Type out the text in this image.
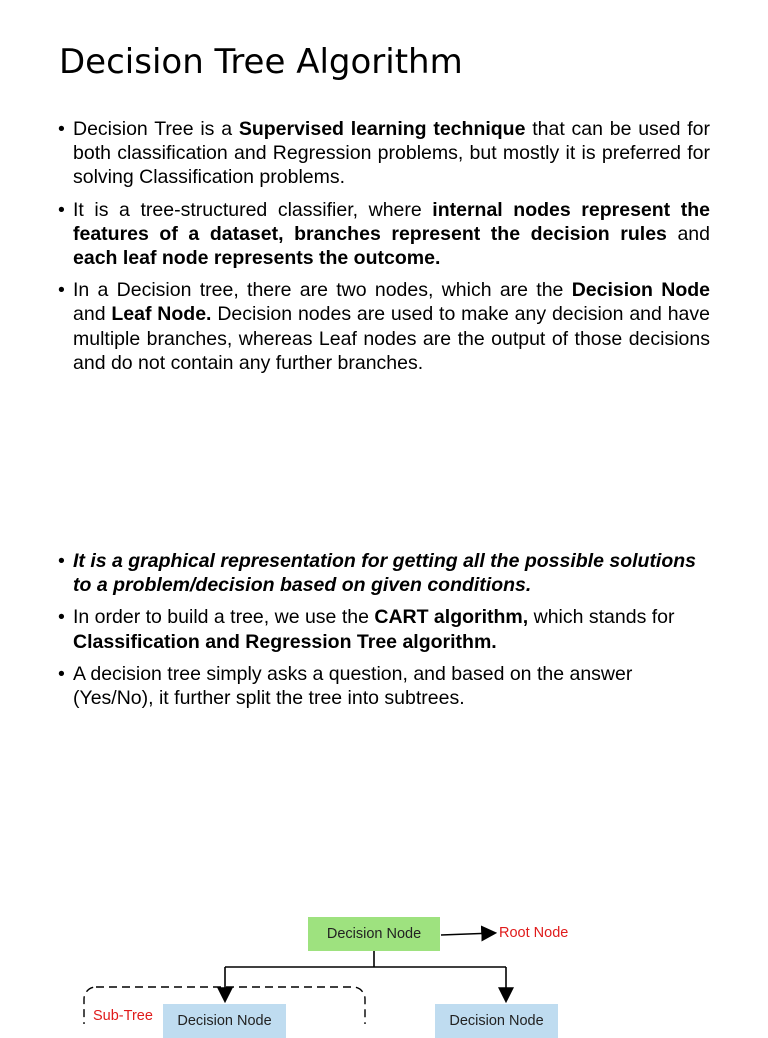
Decision Tree Algorithm
• Decision Tree is a Supervised learning technique that can be used for both classification and Regression problems, but mostly it is preferred for solving Classification problems.
• It is a tree-structured classifier, where internal nodes represent the features of a dataset, branches represent the decision rules and each leaf node represents the outcome.
• In a Decision tree, there are two nodes, which are the Decision Node and Leaf Node. Decision nodes are used to make any decision and have multiple branches, whereas Leaf nodes are the output of those decisions and do not contain any further branches.
• It is a graphical representation for getting all the possible solutions to a problem/decision based on given conditions.
• In order to build a tree, we use the CART algorithm, which stands for Classification and Regression Tree algorithm.
• A decision tree simply asks a question, and based on the answer (Yes/No), it further split the tree into subtrees.
Decision Node	Root Node
Decision Node	Decision Node
Sub-Tree
